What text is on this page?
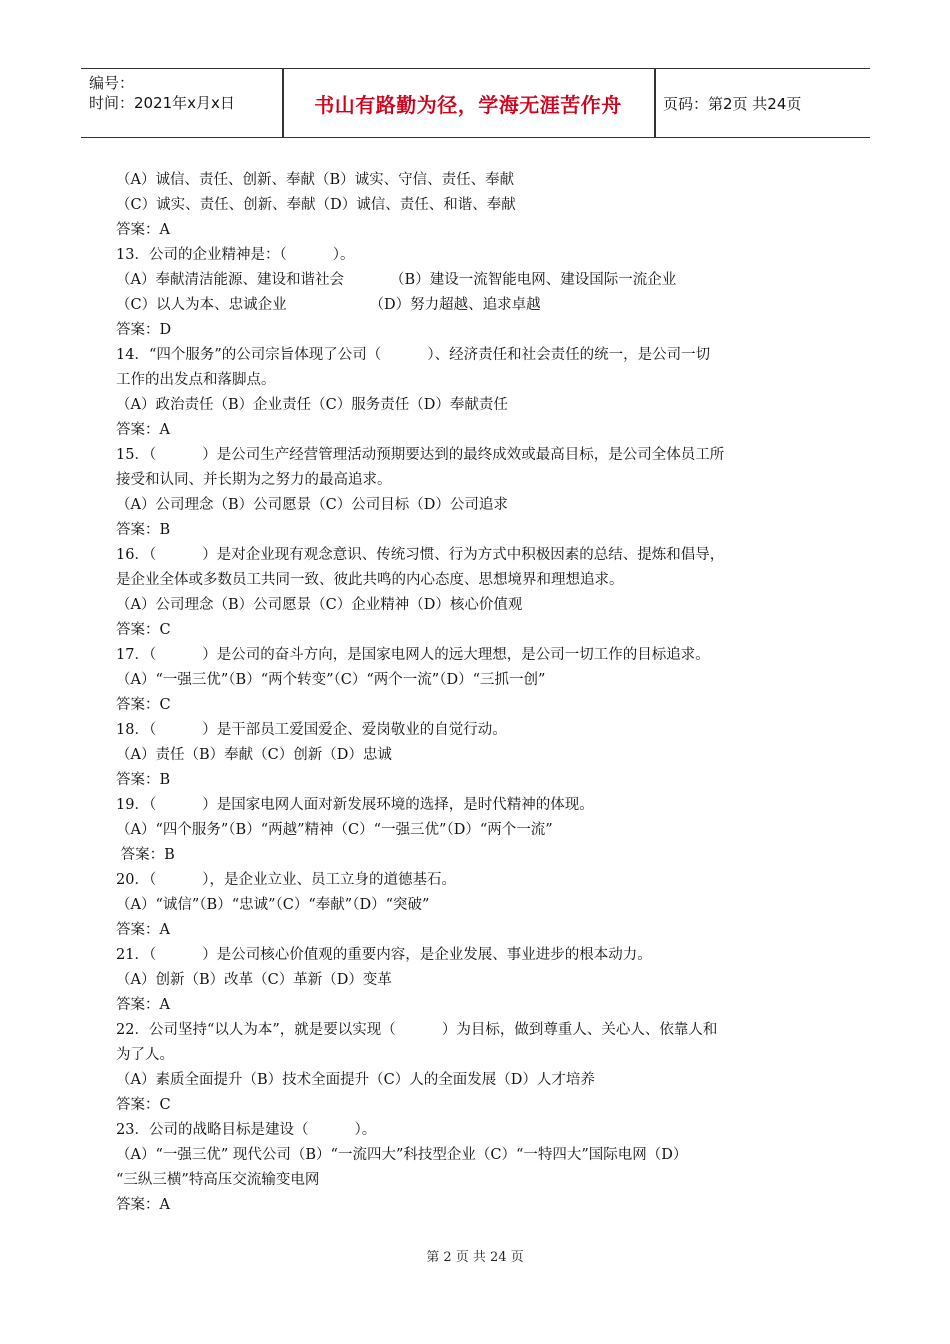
编号：
时间：2021年x月x日	书山有路勤为径，学海无涯苦作舟	页码：第2页 共24页
（A）诚信、责任、创新、奉献（B）诚实、守信、责任、奉献
（C）诚实、责任、创新、奉献（D）诚信、责任、和谐、奉献
答案：A
13．公司的企业精神是：（          ）。
（A）奉献清洁能源、建设和谐社会          （B）建设一流智能电网、建设国际一流企业
（C）以人为本、忠诚企业                  （D）努力超越、追求卓越
答案：D
14．“四个服务”的公司宗旨体现了公司（          ）、经济责任和社会责任的统一，是公司一切
工作的出发点和落脚点。
（A）政治责任（B）企业责任（C）服务责任（D）奉献责任
答案：A
15．（          ）是公司生产经营管理活动预期要达到的最终成效或最高目标，是公司全体员工所
接受和认同、并长期为之努力的最高追求。
（A）公司理念（B）公司愿景（C）公司目标（D）公司追求
答案：B
16．（          ）是对企业现有观念意识、传统习惯、行为方式中积极因素的总结、提炼和倡导，
是企业全体或多数员工共同一致、彼此共鸣的内心态度、思想境界和理想追求。
（A）公司理念（B）公司愿景（C）企业精神（D）核心价值观
答案：C
17．（          ）是公司的奋斗方向，是国家电网人的远大理想，是公司一切工作的目标追求。
（A）“一强三优”（B）“两个转变”（C）“两个一流”（D）“三抓一创”
答案：C
18．（          ）是干部员工爱国爱企、爱岗敬业的自觉行动。
（A）责任（B）奉献（C）创新（D）忠诚
答案：B
19．（          ）是国家电网人面对新发展环境的选择，是时代精神的体现。
（A）“四个服务”（B）“两越”精神（C）“一强三优”（D）“两个一流”
答案：B
20．（          ），是企业立业、员工立身的道德基石。
（A）“诚信”（B）“忠诚”（C）“奉献”（D）“突破”
答案：A
21．（          ）是公司核心价值观的重要内容，是企业发展、事业进步的根本动力。
（A）创新（B）改革（C）革新（D）变革
答案：A
22．公司坚持“以人为本”，就是要以实现（          ）为目标，做到尊重人、关心人、依靠人和
为了人。
（A）素质全面提升（B）技术全面提升（C）人的全面发展（D）人才培养
答案：C
23．公司的战略目标是建设（          ）。
（A）“一强三优” 现代公司（B）“一流四大”科技型企业（C）“一特四大”国际电网（D）
“三纵三横”特高压交流输变电网
答案：A
第 2 页 共 24 页
